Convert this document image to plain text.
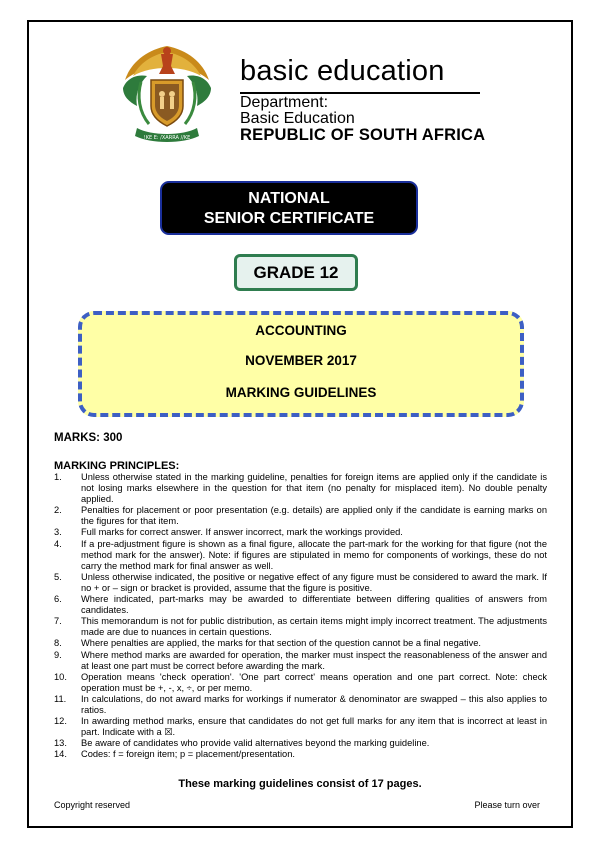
!KE E: /XARRA //KE
basic education
Department:
Basic Education
REPUBLIC OF SOUTH AFRICA
NATIONAL
SENIOR CERTIFICATE
GRADE 12
ACCOUNTING
NOVEMBER 2017
MARKING GUIDELINES
MARKS: 300
MARKING PRINCIPLES:
1. Unless otherwise stated in the marking guideline, penalties for foreign items are applied only if the candidate is not losing marks elsewhere in the question for that item (no penalty for misplaced item). No double penalty applied.
2. Penalties for placement or poor presentation (e.g. details) are applied only if the candidate is earning marks on the figures for that item.
3. Full marks for correct answer. If answer incorrect, mark the workings provided.
4. If a pre-adjustment figure is shown as a final figure, allocate the part-mark for the working for that figure (not the method mark for the answer). Note: if figures are stipulated in memo for components of workings, these do not carry the method mark for final answer as well.
5. Unless otherwise indicated, the positive or negative effect of any figure must be considered to award the mark. If no + or – sign or bracket is provided, assume that the figure is positive.
6. Where indicated, part-marks may be awarded to differentiate between differing qualities of answers from candidates.
7. This memorandum is not for public distribution, as certain items might imply incorrect treatment. The adjustments made are due to nuances in certain questions.
8. Where penalties are applied, the marks for that section of the question cannot be a final negative.
9. Where method marks are awarded for operation, the marker must inspect the reasonableness of the answer and at least one part must be correct before awarding the mark.
10. Operation means 'check operation'. 'One part correct' means operation and one part correct. Note: check operation must be +, -, x, ÷, or per memo.
11. In calculations, do not award marks for workings if numerator & denominator are swapped – this also applies to ratios.
12. In awarding method marks, ensure that candidates do not get full marks for any item that is incorrect at least in part. Indicate with a ☒.
13. Be aware of candidates who provide valid alternatives beyond the marking guideline.
14. Codes: f = foreign item; p = placement/presentation.
These marking guidelines consist of 17 pages.
Copyright reserved	Please turn over
